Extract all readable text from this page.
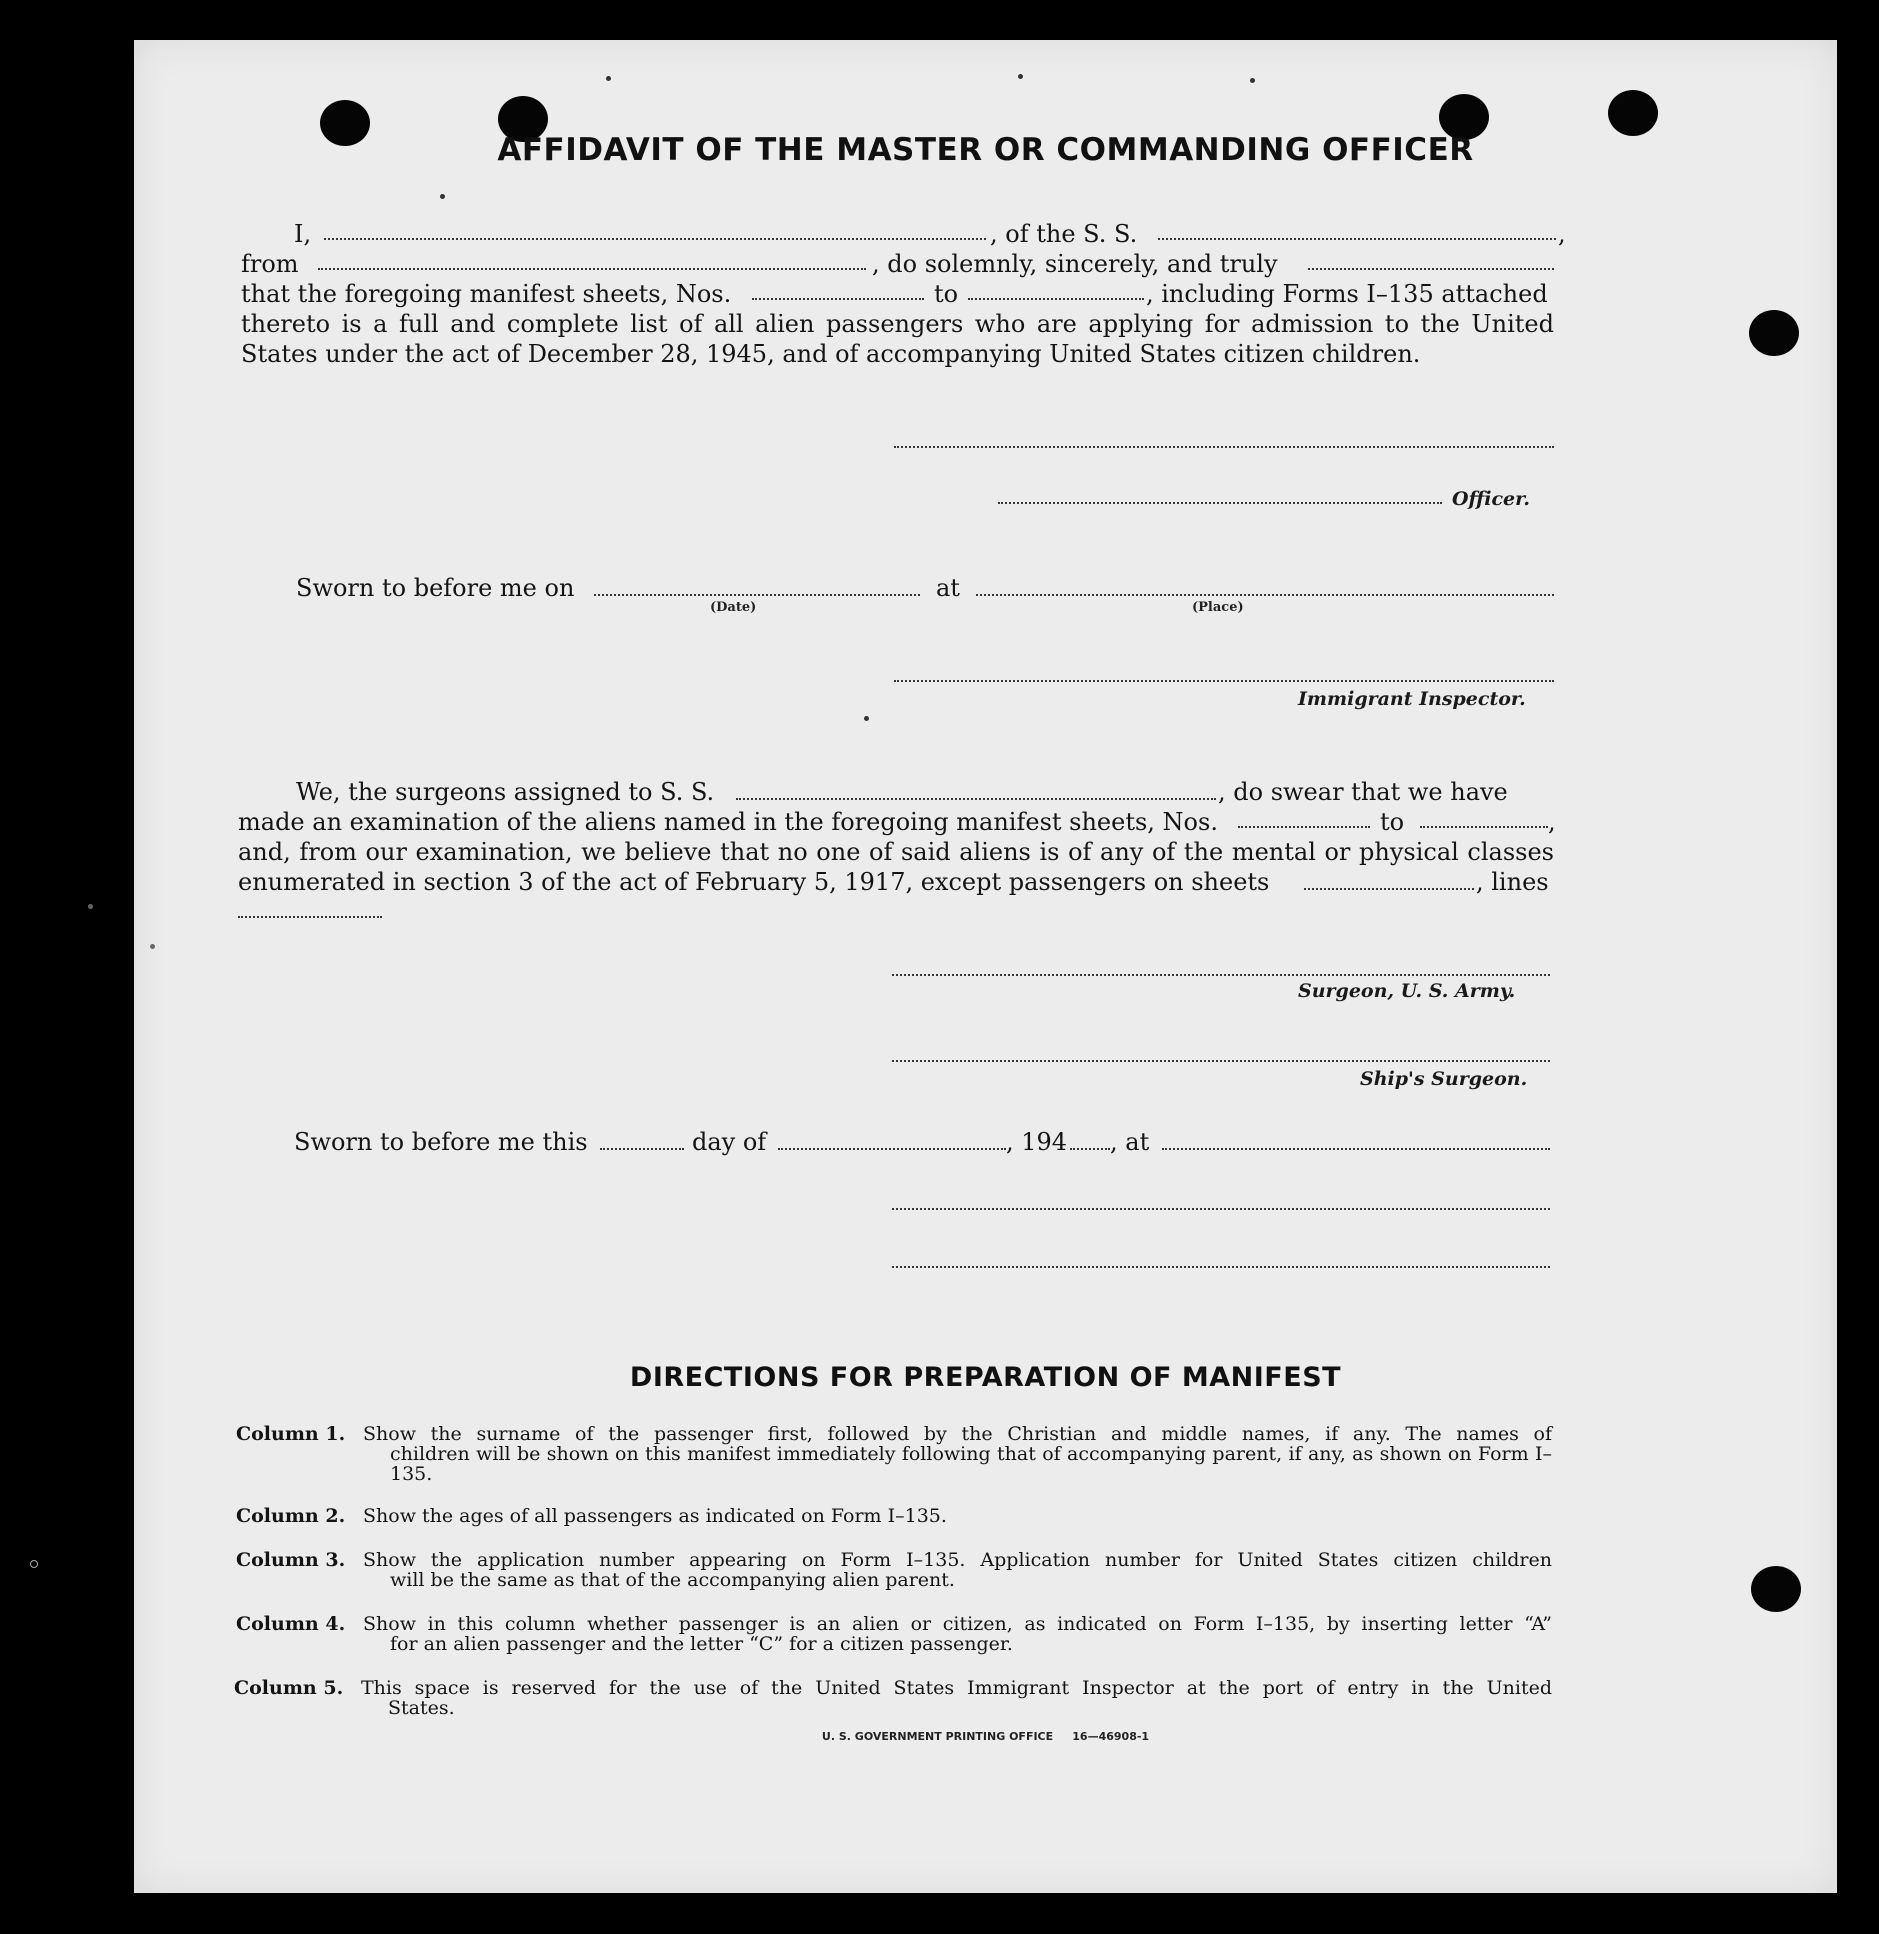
AFFIDAVIT OF THE MASTER OR COMMANDING OFFICER
I,	, of the S. S.	,
from	, do solemnly, sincerely, and truly
that the foregoing manifest sheets, Nos.	to	, including Forms I–135 attached
thereto is a full and complete list of all alien passengers who are applying for admission to the United
States under the act of December 28, 1945, and of accompanying United States citizen children.
Officer.
Sworn to before me on	at
(Date)	(Place)
Immigrant Inspector.
We, the surgeons assigned to S. S.	, do swear that we have
made an examination of the aliens named in the foregoing manifest sheets, Nos.	to	,
and, from our examination, we believe that no one of said aliens is of any of the mental or physical classes
enumerated in section 3 of the act of February 5, 1917, except passengers on sheets	, lines
Surgeon, U. S. Army.
Ship's Surgeon.
Sworn to before me this	day of	, 194 , at
DIRECTIONS FOR PREPARATION OF MANIFEST
Column 1. Show the surname of the passenger first, followed by the Christian and middle names, if any. The names of
children will be shown on this manifest immediately following that of accompanying parent, if any, as shown on Form I–135.
Column 2. Show the ages of all passengers as indicated on Form I–135.
Column 3. Show the application number appearing on Form I–135. Application number for United States citizen children
will be the same as that of the accompanying alien parent.
Column 4. Show in this column whether passenger is an alien or citizen, as indicated on Form I–135, by inserting letter “A”
for an alien passenger and the letter “C” for a citizen passenger.
Column 5. This space is reserved for the use of the United States Immigrant Inspector at the port of entry in the United
States.
U. S. GOVERNMENT PRINTING OFFICE     16—46908-1
